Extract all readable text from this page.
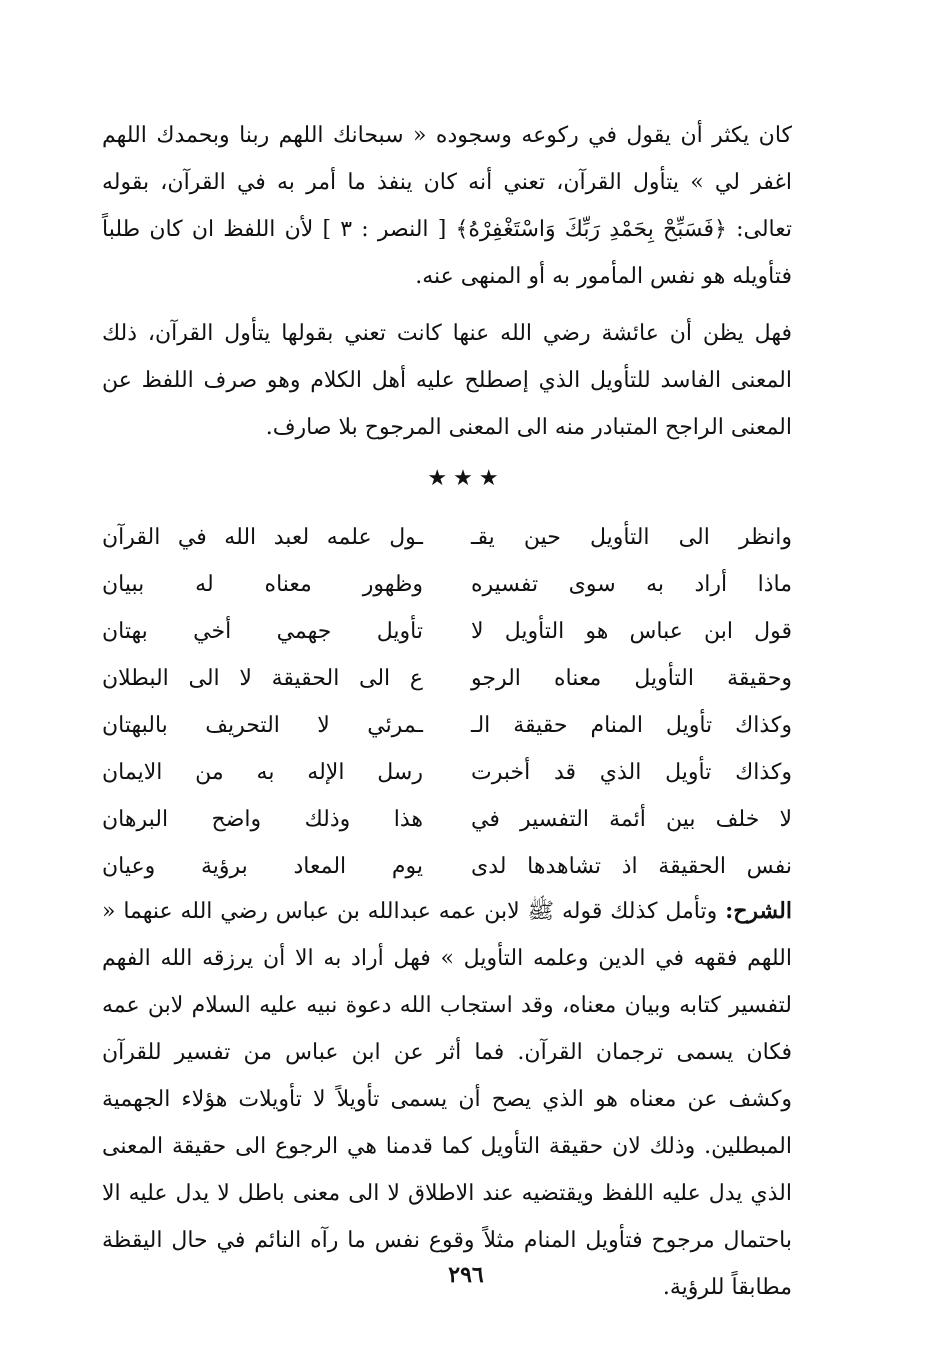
كان يكثر أن يقول في ركوعه وسجوده « سبحانك اللهم ربنا وبحمدك اللهم اغفر لي » يتأول القرآن، تعني أنه كان ينفذ ما أمر به في القرآن، بقوله تعالى: ﴿فَسَبِّحْ بِحَمْدِ رَبِّكَ وَاسْتَغْفِرْهُ﴾ [ النصر : ٣ ] لأن اللفظ ان كان طلباً فتأويله هو نفس المأمور به أو المنهى عنه.

فهل يظن أن عائشة رضي الله عنها كانت تعني بقولها يتأول القرآن، ذلك المعنى الفاسد للتأويل الذي إصطلح عليه أهل الكلام وهو صرف اللفظ عن المعنى الراجح المتبادر منه الى المعنى المرجوح بلا صارف.

★★★
وانظر الى التأويل حين يقـ
ـول علمه لعبد الله في القرآن
ماذا أراد به سوى تفسيره
وظهور معناه له ببيان
قول ابن عباس هو التأويل لا
تأويل جهمي أخي بهتان
وحقيقة التأويل معناه الرجو
ع الى الحقيقة لا الى البطلان
وكذاك تأويل المنام حقيقة الـ
ـمرئي لا التحريف بالبهتان
وكذاك تأويل الذي قد أخبرت
رسل الإله به من الايمان
لا خلف بين أئمة التفسير في
هذا وذلك واضح البرهان
نفس الحقيقة اذ تشاهدها لدى
يوم المعاد برؤية وعيان

الشرح: وتأمل كذلك قوله ﷺ لابن عمه عبدالله بن عباس رضي الله عنهما « اللهم فقهه في الدين وعلمه التأويل » فهل أراد به الا أن يرزقه الله الفهم لتفسير كتابه وبيان معناه، وقد استجاب الله دعوة نبيه عليه السلام لابن عمه فكان يسمى ترجمان القرآن. فما أثر عن ابن عباس من تفسير للقرآن وكشف عن معناه هو الذي يصح أن يسمى تأويلاً لا تأويلات هؤلاء الجهمية المبطلين. وذلك لان حقيقة التأويل كما قدمنا هي الرجوع الى حقيقة المعنى الذي يدل عليه اللفظ ويقتضيه عند الاطلاق لا الى معنى باطل لا يدل عليه الا باحتمال مرجوح فتأويل المنام مثلاً وقوع نفس ما رآه النائم في حال اليقظة مطابقاً للرؤية.

٢٩٦
